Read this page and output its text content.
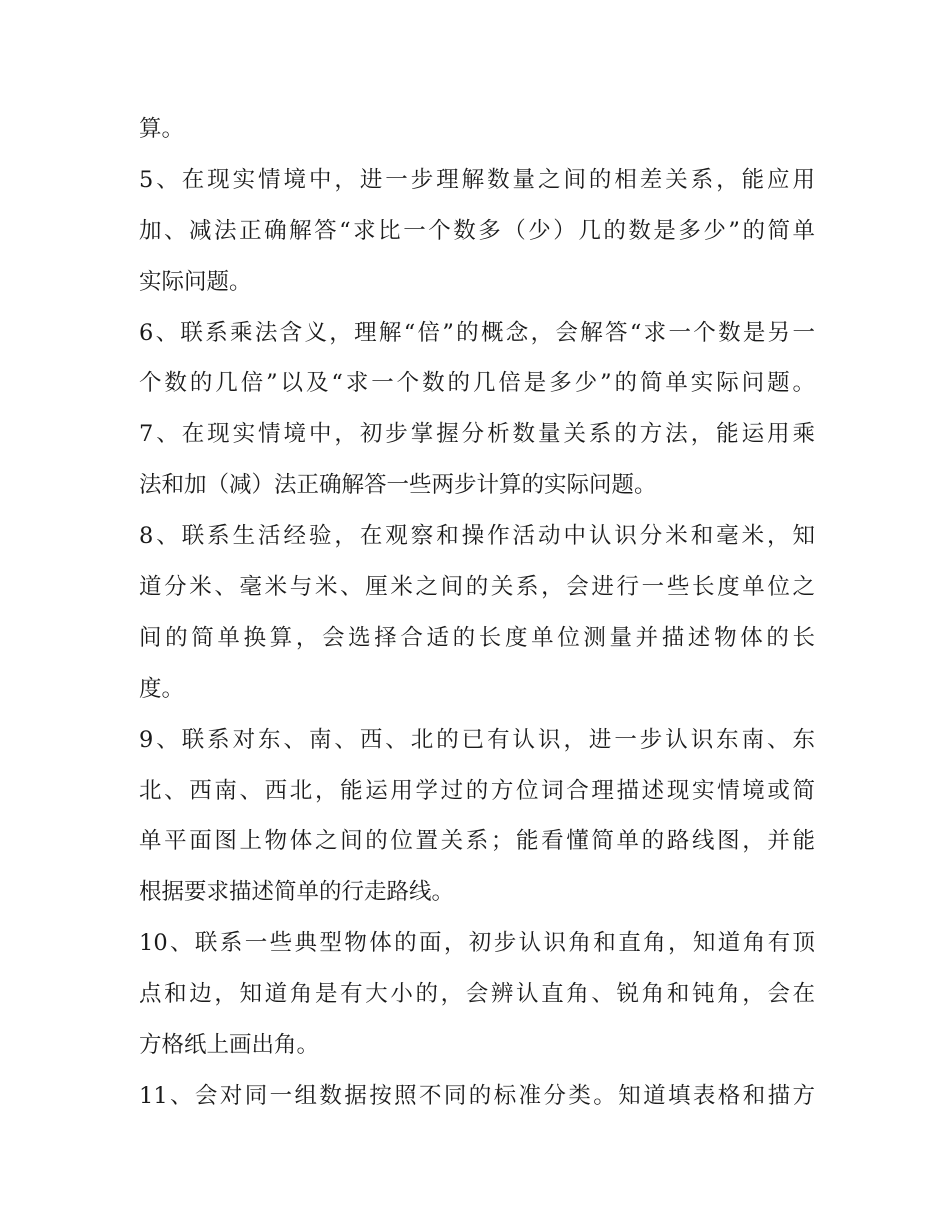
算。
5、在现实情境中，进一步理解数量之间的相差关系，能应用
加、减法正确解答“求比一个数多（少）几的数是多少”的简单
实际问题。
6、联系乘法含义，理解“倍”的概念，会解答“求一个数是另一
个数的几倍”以及“求一个数的几倍是多少”的简单实际问题。
7、在现实情境中，初步掌握分析数量关系的方法，能运用乘
法和加（减）法正确解答一些两步计算的实际问题。
8、联系生活经验，在观察和操作活动中认识分米和毫米，知
道分米、毫米与米、厘米之间的关系，会进行一些长度单位之
间的简单换算，会选择合适的长度单位测量并描述物体的长
度。
9、联系对东、南、西、北的已有认识，进一步认识东南、东
北、西南、西北，能运用学过的方位词合理描述现实情境或简
单平面图上物体之间的位置关系；能看懂简单的路线图，并能
根据要求描述简单的行走路线。
10、联系一些典型物体的面，初步认识角和直角，知道角有顶
点和边，知道角是有大小的，会辨认直角、锐角和钝角，会在
方格纸上画出角。
11、会对同一组数据按照不同的标准分类。知道填表格和描方
